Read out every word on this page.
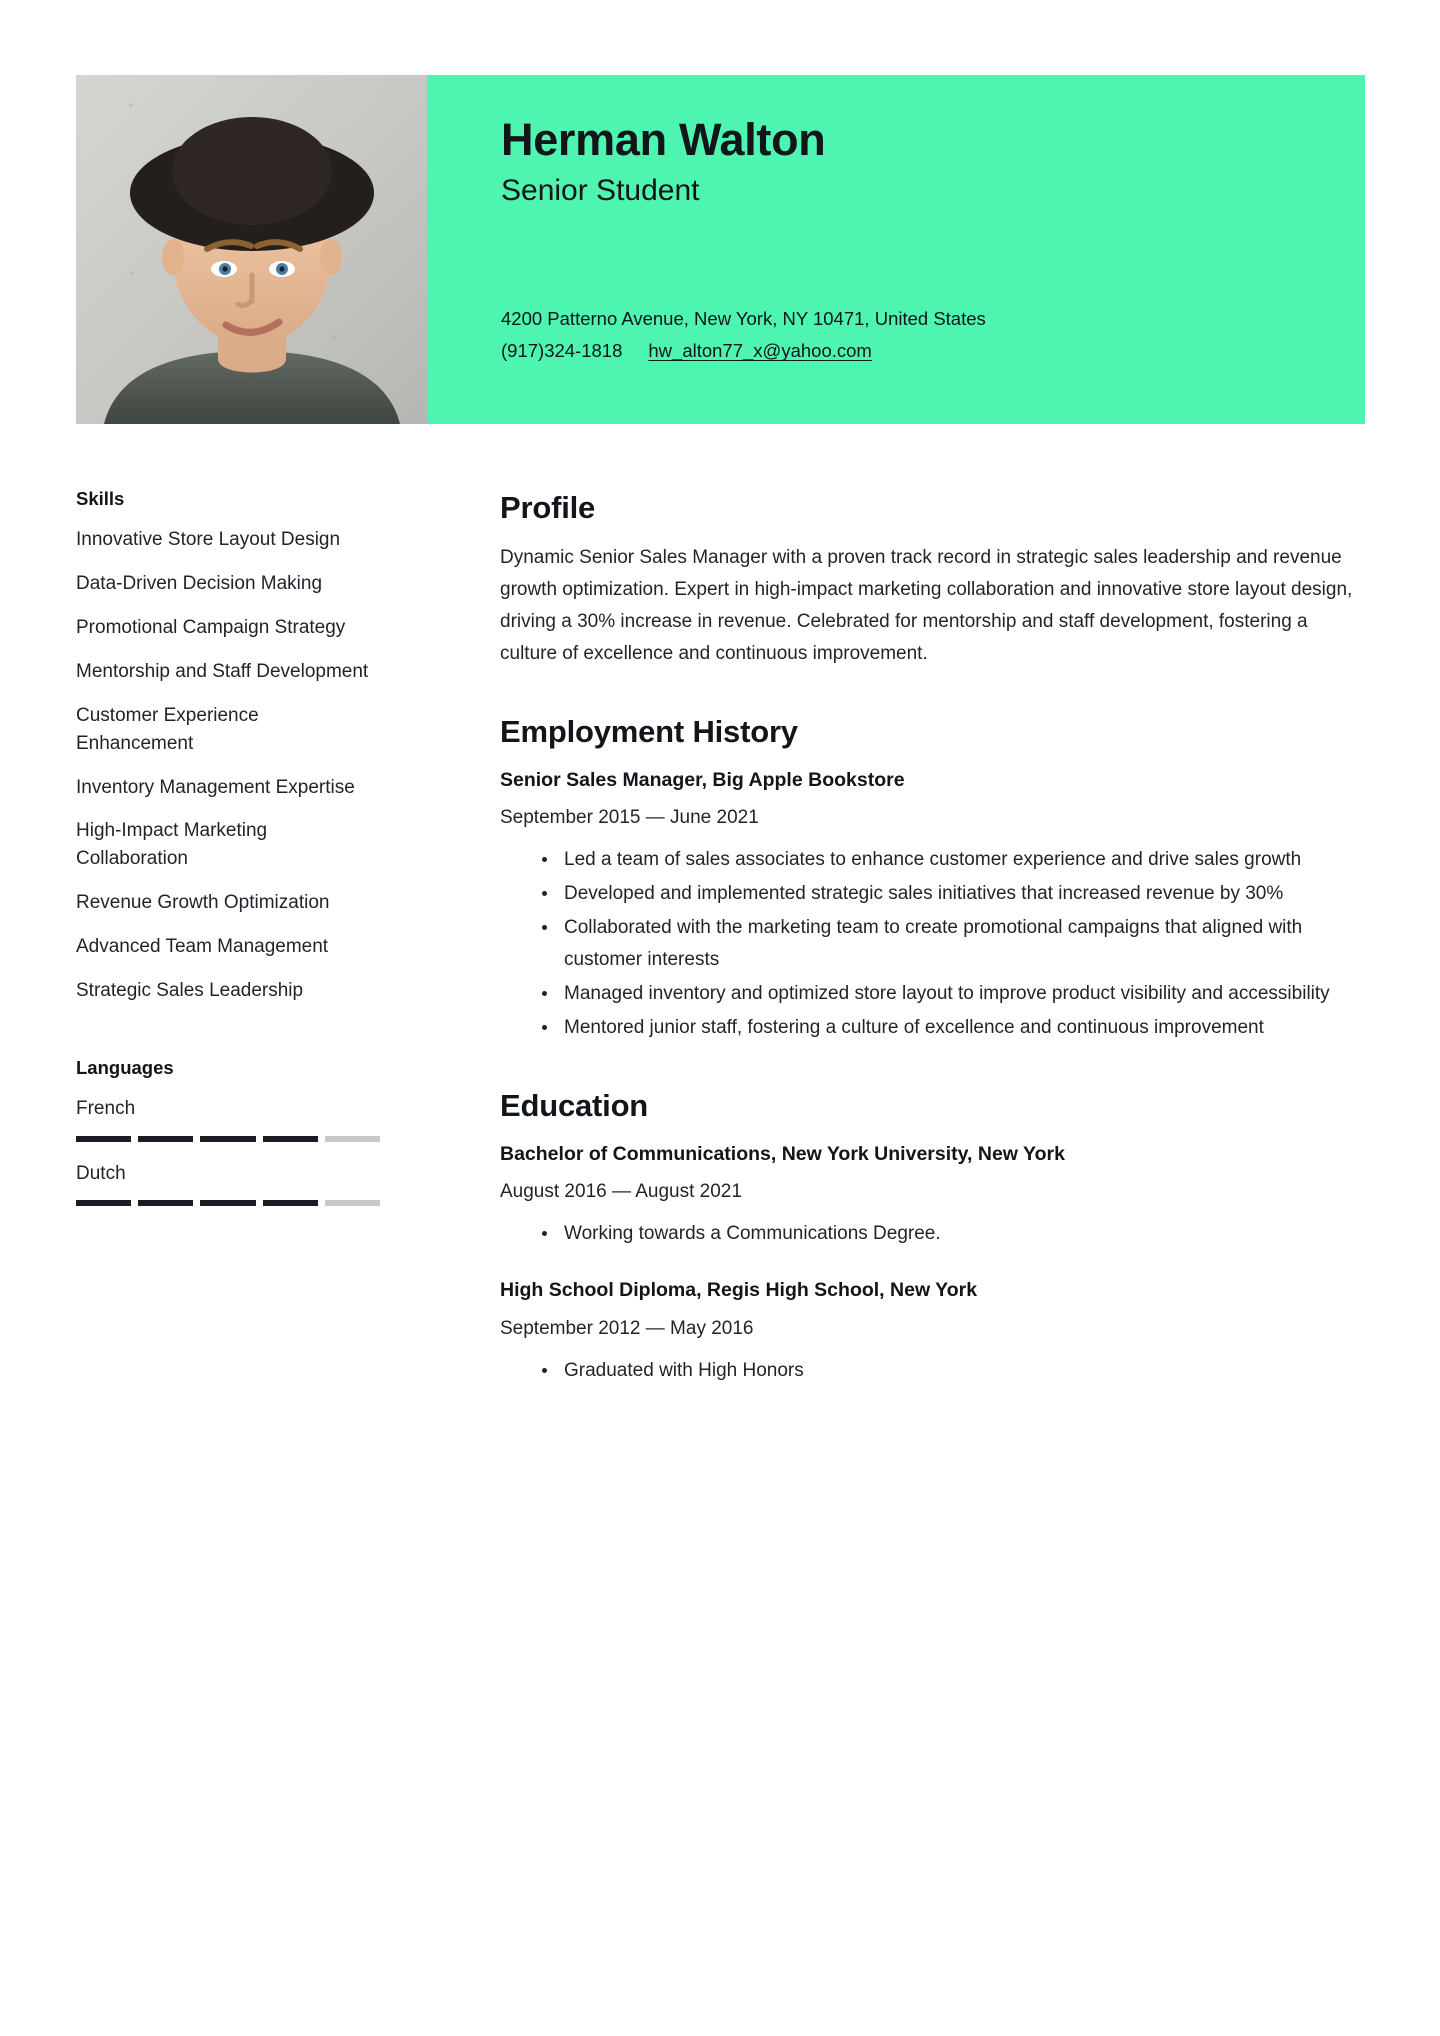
Herman Walton
Senior Student
4200 Patterno Avenue, New York, NY 10471, United States
(917)324-1818 hw_alton77_x@yahoo.com
Skills
Innovative Store Layout Design
Data-Driven Decision Making
Promotional Campaign Strategy
Mentorship and Staff Development
Customer Experience Enhancement
Inventory Management Expertise
High-Impact Marketing Collaboration
Revenue Growth Optimization
Advanced Team Management
Strategic Sales Leadership
Languages
French
Dutch
Profile

Dynamic Senior Sales Manager with a proven track record in strategic sales leadership and revenue growth optimization. Expert in high-impact marketing collaboration and innovative store layout design, driving a 30% increase in revenue. Celebrated for mentorship and staff development, fostering a culture of excellence and continuous improvement.

Employment History
Senior Sales Manager, Big Apple Bookstore
September 2015 — June 2021
Led a team of sales associates to enhance customer experience and drive sales growth
Developed and implemented strategic sales initiatives that increased revenue by 30%
Collaborated with the marketing team to create promotional campaigns that aligned with customer interests
Managed inventory and optimized store layout to improve product visibility and accessibility
Mentored junior staff, fostering a culture of excellence and continuous improvement
Education
Bachelor of Communications, New York University, New York
August 2016 — August 2021
Working towards a Communications Degree.
High School Diploma, Regis High School, New York
September 2012 — May 2016
Graduated with High Honors
